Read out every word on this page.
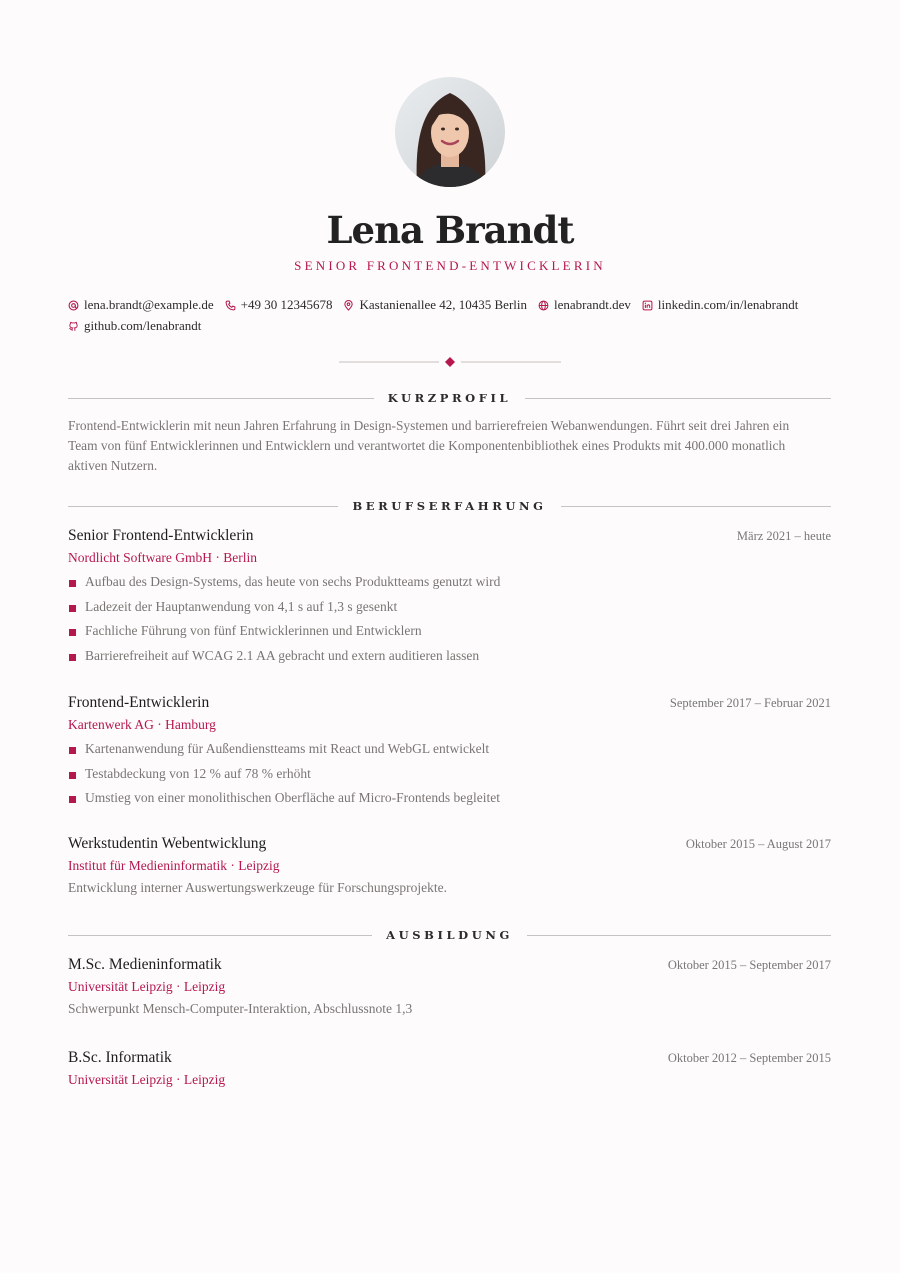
Lena Brandt
SENIOR FRONTEND-ENTWICKLERIN
lena.brandt@example.de +49 30 12345678 Kastanienallee 42, 10435 Berlin lenabrandt.dev linkedin.com/in/lenabrandt
github.com/lenabrandt
KURZPROFIL
Frontend-Entwicklerin mit neun Jahren Erfahrung in Design-Systemen und barrierefreien Webanwendungen. Führt seit drei Jahren ein Team von fünf Entwicklerinnen und Entwicklern und verantwortet die Komponentenbibliothek eines Produkts mit 400.000 monatlich aktiven Nutzern.
BERUFSERFAHRUNG
Senior Frontend-Entwicklerin	März 2021 – heute
Nordlicht Software GmbH · Berlin
Aufbau des Design-Systems, das heute von sechs Produktteams genutzt wird
Ladezeit der Hauptanwendung von 4,1 s auf 1,3 s gesenkt
Fachliche Führung von fünf Entwicklerinnen und Entwicklern
Barrierefreiheit auf WCAG 2.1 AA gebracht und extern auditieren lassen
Frontend-Entwicklerin	September 2017 – Februar 2021
Kartenwerk AG · Hamburg
Kartenanwendung für Außendienstteams mit React und WebGL entwickelt
Testabdeckung von 12 % auf 78 % erhöht
Umstieg von einer monolithischen Oberfläche auf Micro-Frontends begleitet
Werkstudentin Webentwicklung	Oktober 2015 – August 2017
Institut für Medieninformatik · Leipzig
Entwicklung interner Auswertungswerkzeuge für Forschungsprojekte.
AUSBILDUNG
M.Sc. Medieninformatik	Oktober 2015 – September 2017
Universität Leipzig · Leipzig
Schwerpunkt Mensch-Computer-Interaktion, Abschlussnote 1,3
B.Sc. Informatik	Oktober 2012 – September 2015
Universität Leipzig · Leipzig
